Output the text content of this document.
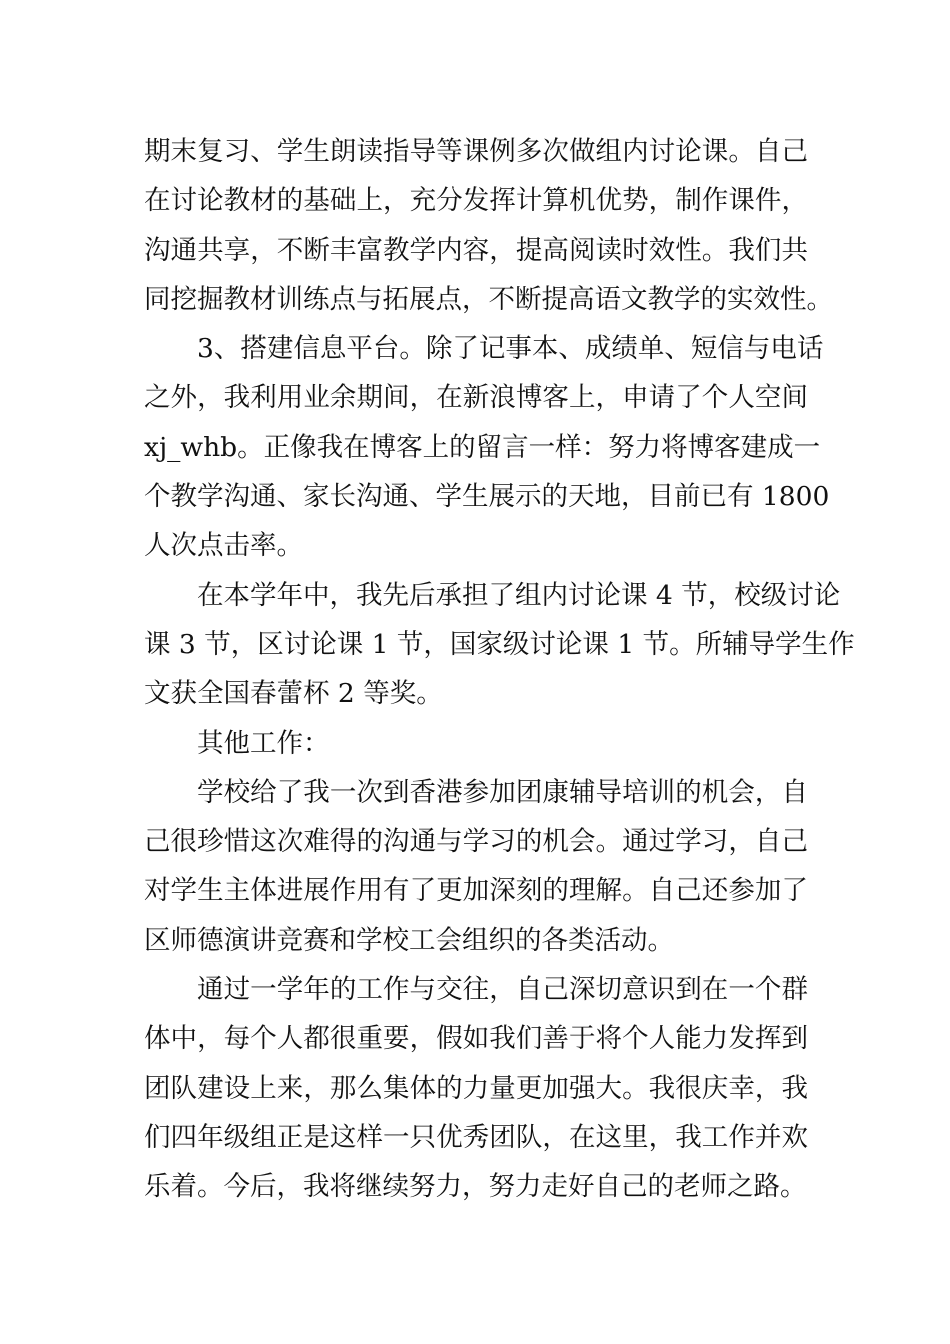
期末复习、学生朗读指导等课例多次做组内讨论课。自己
在讨论教材的基础上，充分发挥计算机优势，制作课件，
沟通共享，不断丰富教学内容，提高阅读时效性。我们共
同挖掘教材训练点与拓展点，不断提高语文教学的实效性。

3、搭建信息平台。除了记事本、成绩单、短信与电话
之外，我利用业余期间，在新浪博客上，申请了个人空间
xj_whb。正像我在博客上的留言一样：努力将博客建成一
个教学沟通、家长沟通、学生展示的天地，目前已有 1800
人次点击率。

在本学年中，我先后承担了组内讨论课 4 节，校级讨论
课 3 节，区讨论课 1 节，国家级讨论课 1 节。所辅导学生作
文获全国春蕾杯 2 等奖。

其他工作：

学校给了我一次到香港参加团康辅导培训的机会，自
己很珍惜这次难得的沟通与学习的机会。通过学习，自己
对学生主体进展作用有了更加深刻的理解。自己还参加了
区师德演讲竞赛和学校工会组织的各类活动。

通过一学年的工作与交往，自己深切意识到在一个群
体中，每个人都很重要，假如我们善于将个人能力发挥到
团队建设上来，那么集体的力量更加强大。我很庆幸，我
们四年级组正是这样一只优秀团队，在这里，我工作并欢
乐着。今后，我将继续努力，努力走好自己的老师之路。
